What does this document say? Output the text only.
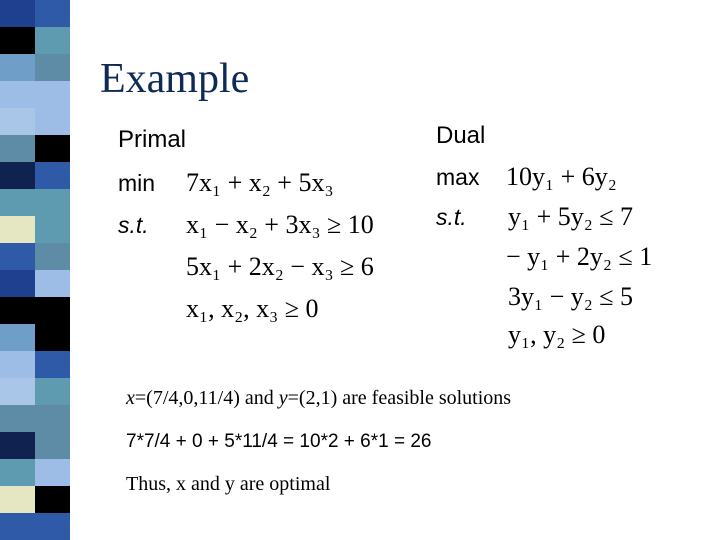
Example
Primal
min 7x₁ + x₂ + 5x₃
s.t. x₁ − x₂ + 3x₃ ≥ 10
5x₁ + 2x₂ − x₃ ≥ 6
x₁, x₂, x₃ ≥ 0
Dual
max 10y₁ + 6y₂
s.t. y₁ + 5y₂ ≤ 7
− y₁ + 2y₂ ≤ 1
3y₁ − y₂ ≤ 5
y₁, y₂ ≥ 0
x=(7/4,0,11/4) and y=(2,1) are feasible solutions
7*7/4 + 0 + 5*11/4 = 10*2 + 6*1 = 26
Thus, x and y are optimal
